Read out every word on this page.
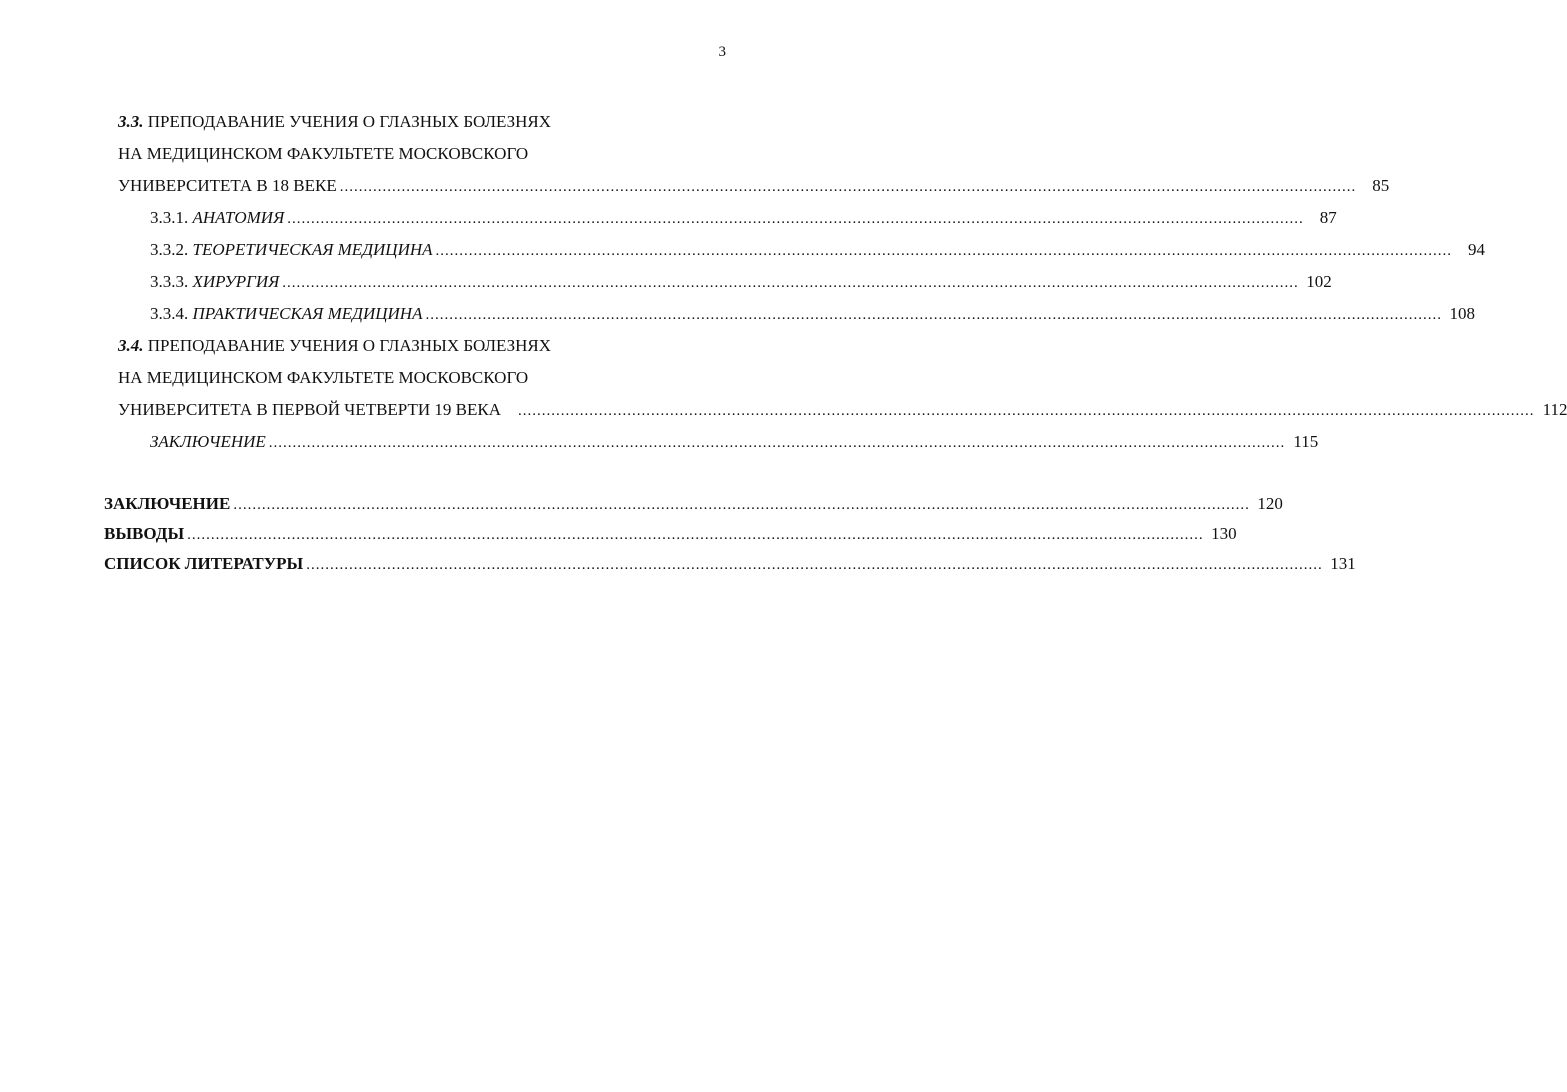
3
3.3. ПРЕПОДАВАНИЕ УЧЕНИЯ О ГЛАЗНЫХ БОЛЕЗНЯХ
НА МЕДИЦИНСКОМ ФАКУЛЬТЕТЕ МОСКОВСКОГО
УНИВЕРСИТЕТА В 18 ВЕКЕ ...................................................................................................................................................................................................................... 85
3.3.1. АНАТОМИЯ ...................................................................................................................................................................................................................... 87
3.3.2. ТЕОРЕТИЧЕСКАЯ МЕДИЦИНА ...................................................................................................................................................................................................................... 94
3.3.3. ХИРУРГИЯ ...................................................................................................................................................................................................................... 102
3.3.4. ПРАКТИЧЕСКАЯ МЕДИЦИНА ...................................................................................................................................................................................................................... 108
3.4. ПРЕПОДАВАНИЕ УЧЕНИЯ О ГЛАЗНЫХ БОЛЕЗНЯХ
НА МЕДИЦИНСКОМ ФАКУЛЬТЕТЕ МОСКОВСКОГО
УНИВЕРСИТЕТА В ПЕРВОЙ ЧЕТВЕРТИ 19 ВЕКА ...................................................................................................................................................................................................................... 112
ЗАКЛЮЧЕНИЕ ...................................................................................................................................................................................................................... 115
ЗАКЛЮЧЕНИЕ ...................................................................................................................................................................................................................... 120
ВЫВОДЫ ...................................................................................................................................................................................................................... 130
СПИСОК ЛИТЕРАТУРЫ ...................................................................................................................................................................................................................... 131
